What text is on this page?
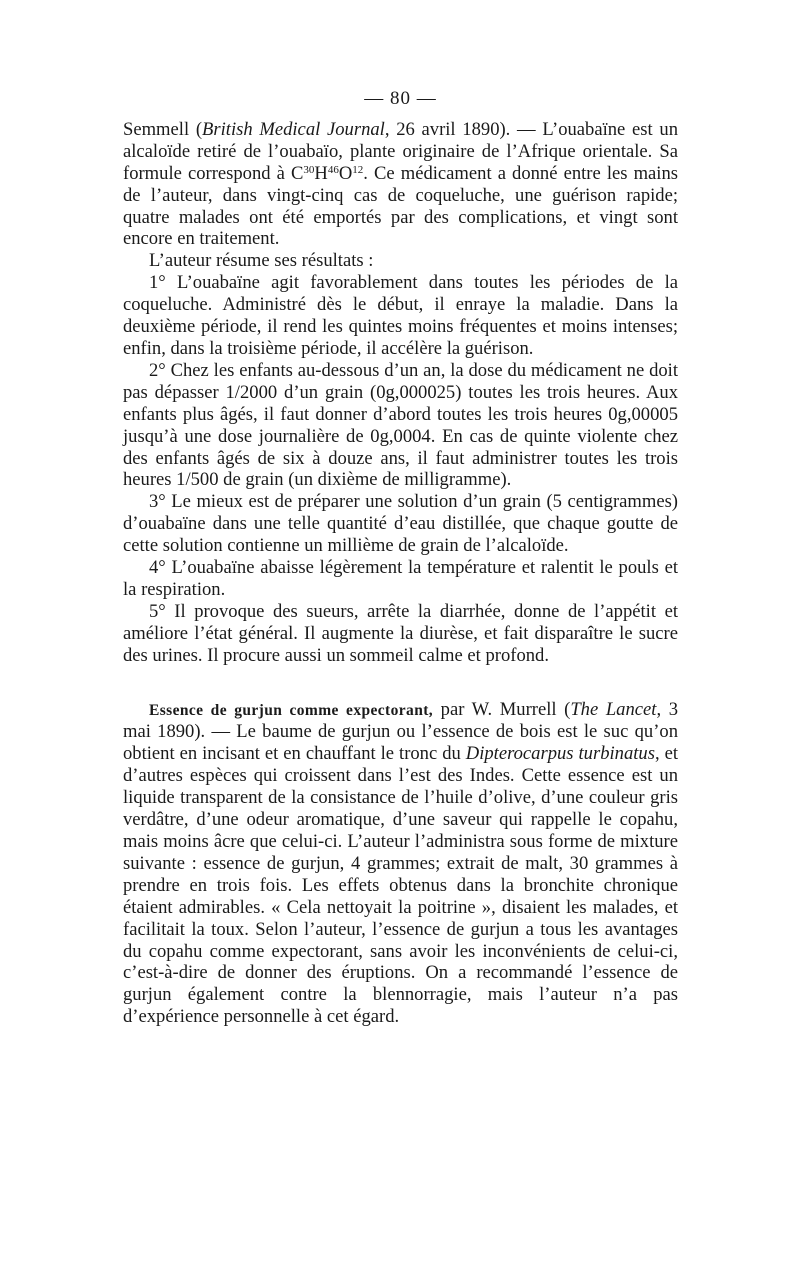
— 80 —

Semmell (British Medical Journal, 26 avril 1890). — L’ouabaïne est un alcaloïde retiré de l’ouabaïo, plante originaire de l’Afrique orientale. Sa formule correspond à $C^{30}H^{46}O^{12}$. Ce médicament a donné entre les mains de l’auteur, dans vingt-cinq cas de coqueluche, une guérison rapide; quatre malades ont été emportés par des complications, et vingt sont encore en traitement.

L’auteur résume ses résultats :

1° L’ouabaïne agit favorablement dans toutes les périodes de la coqueluche. Administré dès le début, il enraye la maladie. Dans la deuxième période, il rend les quintes moins fréquentes et moins intenses; enfin, dans la troisième période, il accélère la guérison.

2° Chez les enfants au-dessous d’un an, la dose du médicament ne doit pas dépasser 1/2000 d’un grain (0g,000025) toutes les trois heures. Aux enfants plus âgés, il faut donner d’abord toutes les trois heures 0g,00005 jusqu’à une dose journalière de 0g,0004. En cas de quinte violente chez des enfants âgés de six à douze ans, il faut administrer toutes les trois heures 1/500 de grain (un dixième de milligramme).

3° Le mieux est de préparer une solution d’un grain (5 centigrammes) d’ouabaïne dans une telle quantité d’eau distillée, que chaque goutte de cette solution contienne un millième de grain de l’alcaloïde.

4° L’ouabaïne abaisse légèrement la température et ralentit le pouls et la respiration.

5° Il provoque des sueurs, arrête la diarrhée, donne de l’appétit et améliore l’état général. Il augmente la diurèse, et fait disparaître le sucre des urines. Il procure aussi un sommeil calme et profond.

Essence de gurjun comme expectorant, par W. Murrell (The Lancet, 3 mai 1890). — Le baume de gurjun ou l’essence de bois est le suc qu’on obtient en incisant et en chauffant le tronc du Dipterocarpus turbinatus, et d’autres espèces qui croissent dans l’est des Indes. Cette essence est un liquide transparent de la consistance de l’huile d’olive, d’une couleur gris verdâtre, d’une odeur aromatique, d’une saveur qui rappelle le copahu, mais moins âcre que celui-ci. L’auteur l’administra sous forme de mixture suivante : essence de gurjun, 4 grammes; extrait de malt, 30 grammes à prendre en trois fois. Les effets obtenus dans la bronchite chronique étaient admirables. « Cela nettoyait la poitrine », disaient les malades, et facilitait la toux. Selon l’auteur, l’essence de gurjun a tous les avantages du copahu comme expectorant, sans avoir les inconvénients de celui-ci, c’est-à-dire de donner des éruptions. On a recommandé l’essence de gurjun également contre la blennorragie, mais l’auteur n’a pas d’expérience personnelle à cet égard.
